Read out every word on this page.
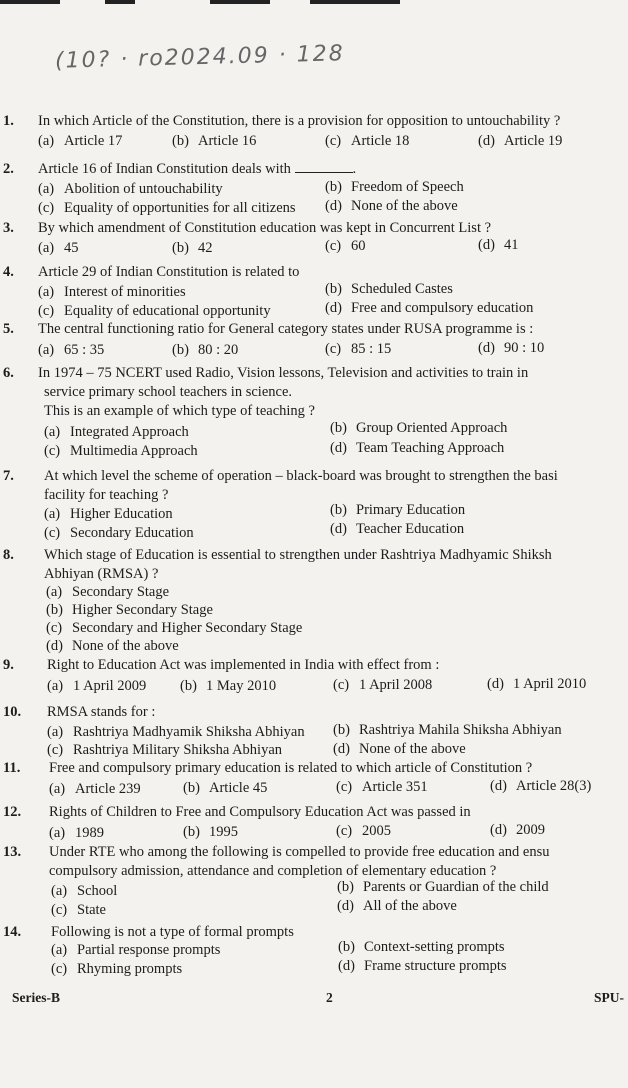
(10? · ro2024.09 · 128
1. In which Article of the Constitution, there is a provision for opposition to untouchability ?
(a) Article 17	(b) Article 16	(c) Article 18	(d) Article 19
2. Article 16 of Indian Constitution deals with	.
(a) Abolition of untouchability	(b) Freedom of Speech
(c) Equality of opportunities for all citizens (d) None of the above
3. By which amendment of Constitution education was kept in Concurrent List ?
(a) 45	(b) 42	(c) 60	(d) 41
4. Article 29 of Indian Constitution is related to
(a) Interest of minorities	(b) Scheduled Castes
(c) Equality of educational opportunity	(d) Free and compulsory education
5. The central functioning ratio for General category states under RUSA programme is :
(a) 65 : 35	(b) 80 : 20	(c) 85 : 15	(d) 90 : 10
6. In 1974 – 75 NCERT used Radio, Vision lessons, Television and activities to train in
service primary school teachers in science.
This is an example of which type of teaching ?
(a) Integrated Approach	(b) Group Oriented Approach
(c) Multimedia Approach	(d) Team Teaching Approach
7. At which level the scheme of operation – black-board was brought to strengthen the basi
facility for teaching ?
(a) Higher Education	(b) Primary Education
(c) Secondary Education	(d) Teacher Education
8. Which stage of Education is essential to strengthen under Rashtriya Madhyamic Shiksh
Abhiyan (RMSA) ?
(a) Secondary Stage
(b) Higher Secondary Stage
(c) Secondary and Higher Secondary Stage
(d) None of the above
9. Right to Education Act was implemented in India with effect from :
(a) 1 April 2009 (b) 1 May 2010	(c) 1 April 2008	(d) 1 April 2010
10. RMSA stands for :
(a) Rashtriya Madhyamik Shiksha Abhiyan (b) Rashtriya Mahila Shiksha Abhiyan
(c) Rashtriya Military Shiksha Abhiyan	(d) None of the above
11. Free and compulsory primary education is related to which article of Constitution ?
(a) Article 239	(b) Article 45	(c) Article 351	(d) Article 28(3)
12. Rights of Children to Free and Compulsory Education Act was passed in
(a) 1989	(b) 1995	(c) 2005	(d) 2009
13. Under RTE who among the following is compelled to provide free education and ensu
compulsory admission, attendance and completion of elementary education ?
(a) School	(b) Parents or Guardian of the child
(c) State	(d) All of the above
14. Following is not a type of formal prompts
(a) Partial response prompts	(b) Context-setting prompts
(c) Rhyming prompts	(d) Frame structure prompts
Series-B	2	SPU-
